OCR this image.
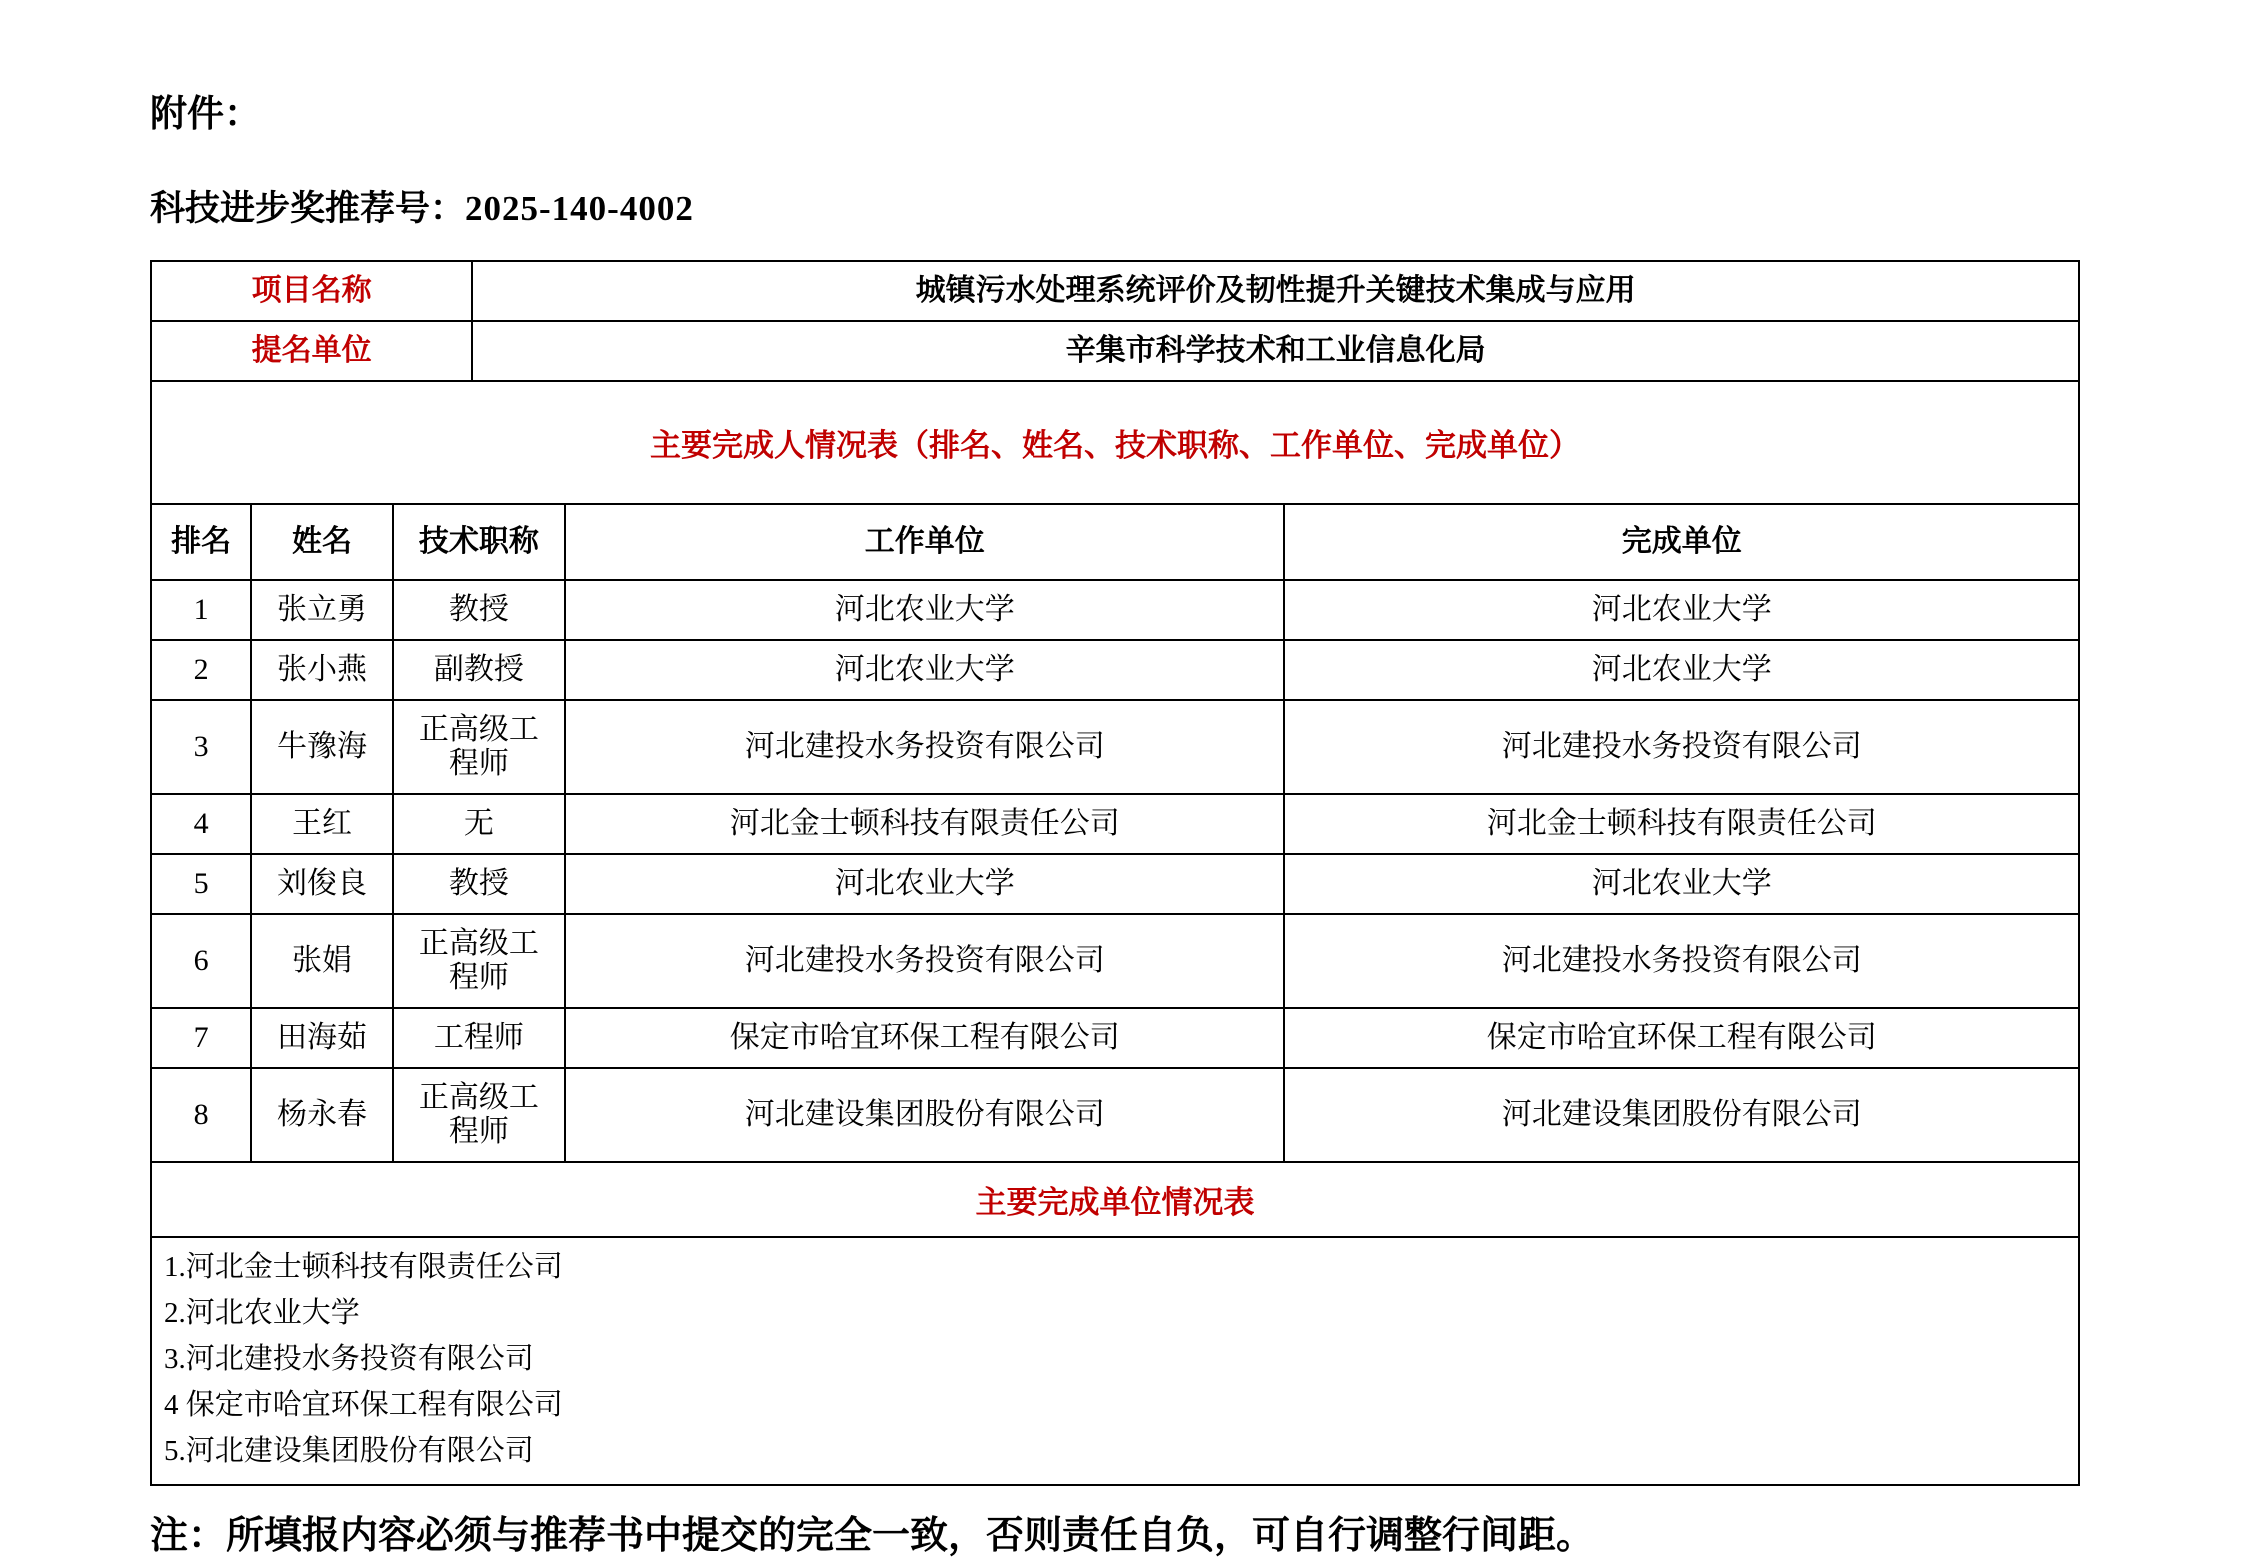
附件：
科技进步奖推荐号：2025-140-4002
项目名称	城镇污水处理系统评价及韧性提升关键技术集成与应用
提名单位	辛集市科学技术和工业信息化局
主要完成人情况表（排名、姓名、技术职称、工作单位、完成单位）
排名	姓名	技术职称	工作单位	完成单位
1	张立勇	教授	河北农业大学	河北农业大学
2	张小燕	副教授	河北农业大学	河北农业大学
3	牛豫海	正高级工程师	河北建投水务投资有限公司	河北建投水务投资有限公司
4	王红	无	河北金士顿科技有限责任公司	河北金士顿科技有限责任公司
5	刘俊良	教授	河北农业大学	河北农业大学
6	张娟	正高级工程师	河北建投水务投资有限公司	河北建投水务投资有限公司
7	田海茹	工程师	保定市哈宜环保工程有限公司	保定市哈宜环保工程有限公司
8	杨永春	正高级工程师	河北建设集团股份有限公司	河北建设集团股份有限公司
主要完成单位情况表
1.河北金士顿科技有限责任公司
2.河北农业大学
3.河北建投水务投资有限公司
4 保定市哈宜环保工程有限公司
5.河北建设集团股份有限公司
注：所填报内容必须与推荐书中提交的完全一致，否则责任自负，可自行调整行间距。
